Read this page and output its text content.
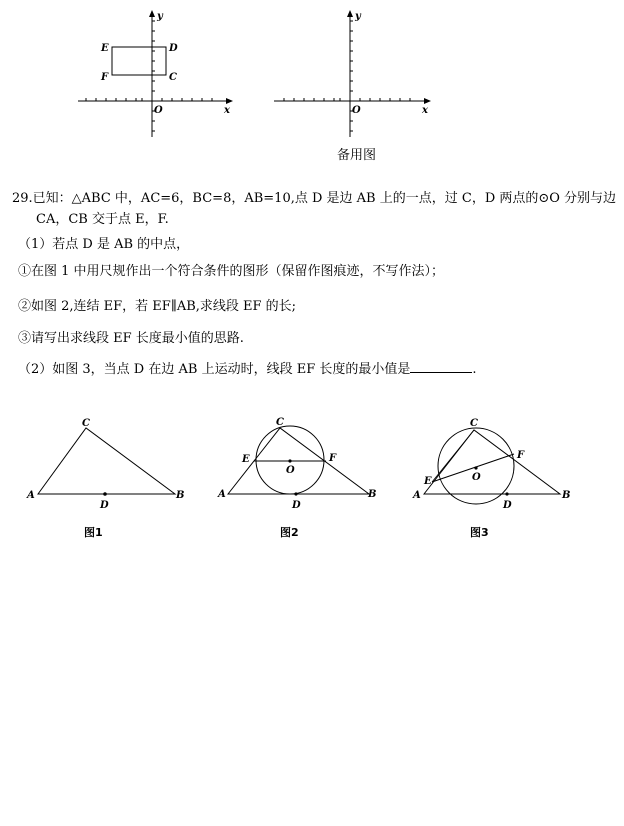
y
x
O
E	D
F	C
y
x
O
备用图
29.已知：△ABC 中，AC=6，BC=8，AB=10,点 D 是边 AB 上的一点，过 C，D 两点的⊙O 分别与边
CA，CB 交于点 E，F.
（1）若点 D 是 AB 的中点，
①在图 1 中用尺规作出一个符合条件的图形（保留作图痕迹，不写作法）；
②如图 2,连结 EF，若 EF∥AB,求线段 EF 的长;
③请写出求线段 EF 长度最小值的思路.
（2）如图 3，当点 D 在边 AB 上运动时，线段 EF 长度的最小值是	.
C
A	B
D
图1
C
E	F
O
A	B
D
图2
C
E
F
O
A	B
D
图3
